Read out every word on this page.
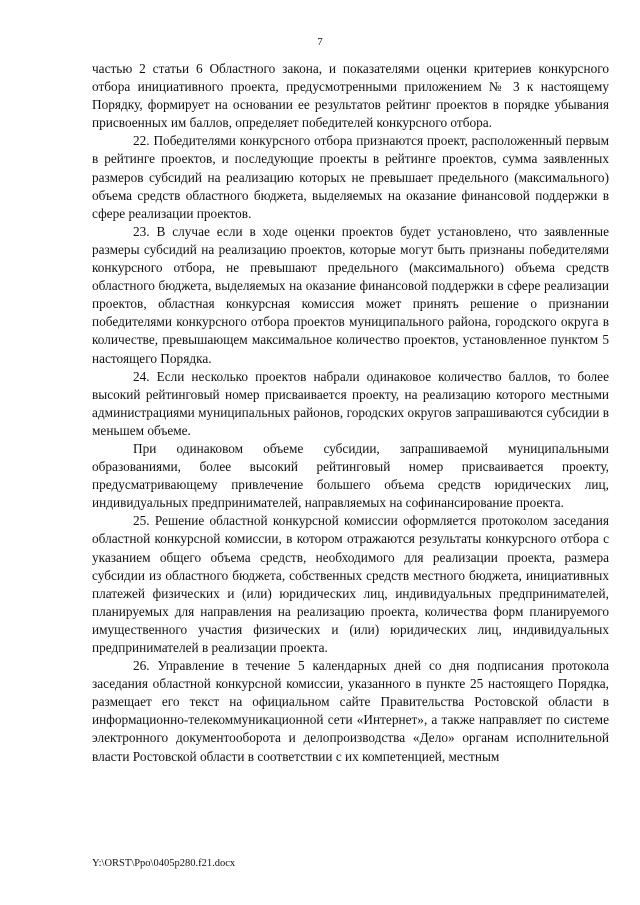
7

частью 2 статьи 6 Областного закона, и показателями оценки критериев конкурсного отбора инициативного проекта, предусмотренными приложением № 3 к настоящему Порядку, формирует на основании ее результатов рейтинг проектов в порядке убывания присвоенных им баллов, определяет победителей конкурсного отбора.

22. Победителями конкурсного отбора признаются проект, расположенный первым в рейтинге проектов, и последующие проекты в рейтинге проектов, сумма заявленных размеров субсидий на реализацию которых не превышает предельного (максимального) объема средств областного бюджета, выделяемых на оказание финансовой поддержки в сфере реализации проектов.

23. В случае если в ходе оценки проектов будет установлено, что заявленные размеры субсидий на реализацию проектов, которые могут быть признаны победителями конкурсного отбора, не превышают предельного (максимального) объема средств областного бюджета, выделяемых на оказание финансовой поддержки в сфере реализации проектов, областная конкурсная комиссия может принять решение о признании победителями конкурсного отбора проектов муниципального района, городского округа в количестве, превышающем максимальное количество проектов, установленное пунктом 5 настоящего Порядка.

24. Если несколько проектов набрали одинаковое количество баллов, то более высокий рейтинговый номер присваивается проекту, на реализацию которого местными администрациями муниципальных районов, городских округов запрашиваются субсидии в меньшем объеме.

При одинаковом объеме субсидии, запрашиваемой муниципальными образованиями, более высокий рейтинговый номер присваивается проекту, предусматривающему привлечение большего объема средств юридических лиц, индивидуальных предпринимателей, направляемых на софинансирование проекта.

25. Решение областной конкурсной комиссии оформляется протоколом заседания областной конкурсной комиссии, в котором отражаются результаты конкурсного отбора с указанием общего объема средств, необходимого для реализации проекта, размера субсидии из областного бюджета, собственных средств местного бюджета, инициативных платежей физических и (или) юридических лиц, индивидуальных предпринимателей, планируемых для направления на реализацию проекта, количества форм планируемого имущественного участия физических и (или) юридических лиц, индивидуальных предпринимателей в реализации проекта.

26. Управление в течение 5 календарных дней со дня подписания протокола заседания областной конкурсной комиссии, указанного в пункте 25 настоящего Порядка, размещает его текст на официальном сайте Правительства Ростовской области в информационно-телекоммуникационной сети «Интернет», а также направляет по системе электронного документооборота и делопроизводства «Дело» органам исполнительной власти Ростовской области в соответствии с их компетенцией, местным

Y:\ORST\Ppo\0405p280.f21.docx
